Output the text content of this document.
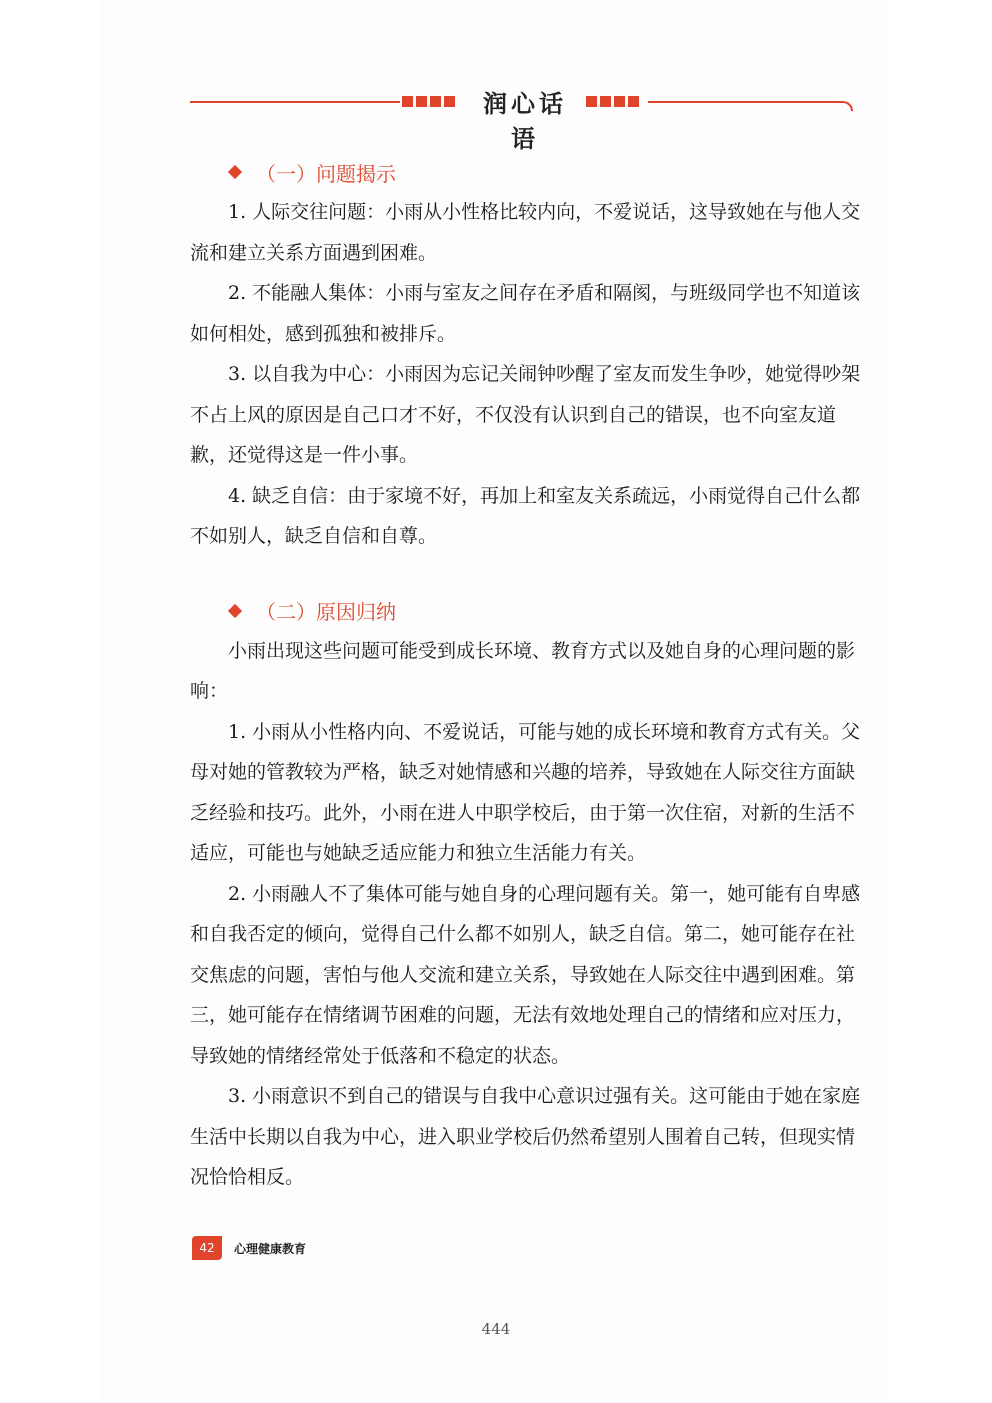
润心话语
（一）问题揭示

1. 人际交往问题：小雨从小性格比较内向，不爱说话，这导致她在与他人交流和建立关系方面遇到困难。

2. 不能融人集体：小雨与室友之间存在矛盾和隔阂，与班级同学也不知道该如何相处，感到孤独和被排斥。

3. 以自我为中心：小雨因为忘记关闹钟吵醒了室友而发生争吵，她觉得吵架不占上风的原因是自己口才不好，不仅没有认识到自己的错误，也不向室友道歉，还觉得这是一件小事。

4. 缺乏自信：由于家境不好，再加上和室友关系疏远，小雨觉得自己什么都不如别人，缺乏自信和自尊。

（二）原因归纳

小雨出现这些问题可能受到成长环境、教育方式以及她自身的心理问题的影响：

1. 小雨从小性格内向、不爱说话，可能与她的成长环境和教育方式有关。父母对她的管教较为严格，缺乏对她情感和兴趣的培养，导致她在人际交往方面缺乏经验和技巧。此外，小雨在进人中职学校后，由于第一次住宿，对新的生活不适应，可能也与她缺乏适应能力和独立生活能力有关。

2. 小雨融人不了集体可能与她自身的心理问题有关。第一，她可能有自卑感和自我否定的倾向，觉得自己什么都不如别人，缺乏自信。第二，她可能存在社交焦虑的问题，害怕与他人交流和建立关系，导致她在人际交往中遇到困难。第三，她可能存在情绪调节困难的问题，无法有效地处理自己的情绪和应对压力，导致她的情绪经常处于低落和不稳定的状态。

3. 小雨意识不到自己的错误与自我中心意识过强有关。这可能由于她在家庭生活中长期以自我为中心，进入职业学校后仍然希望别人围着自己转，但现实情况恰恰相反。

42	心理健康教育
444
